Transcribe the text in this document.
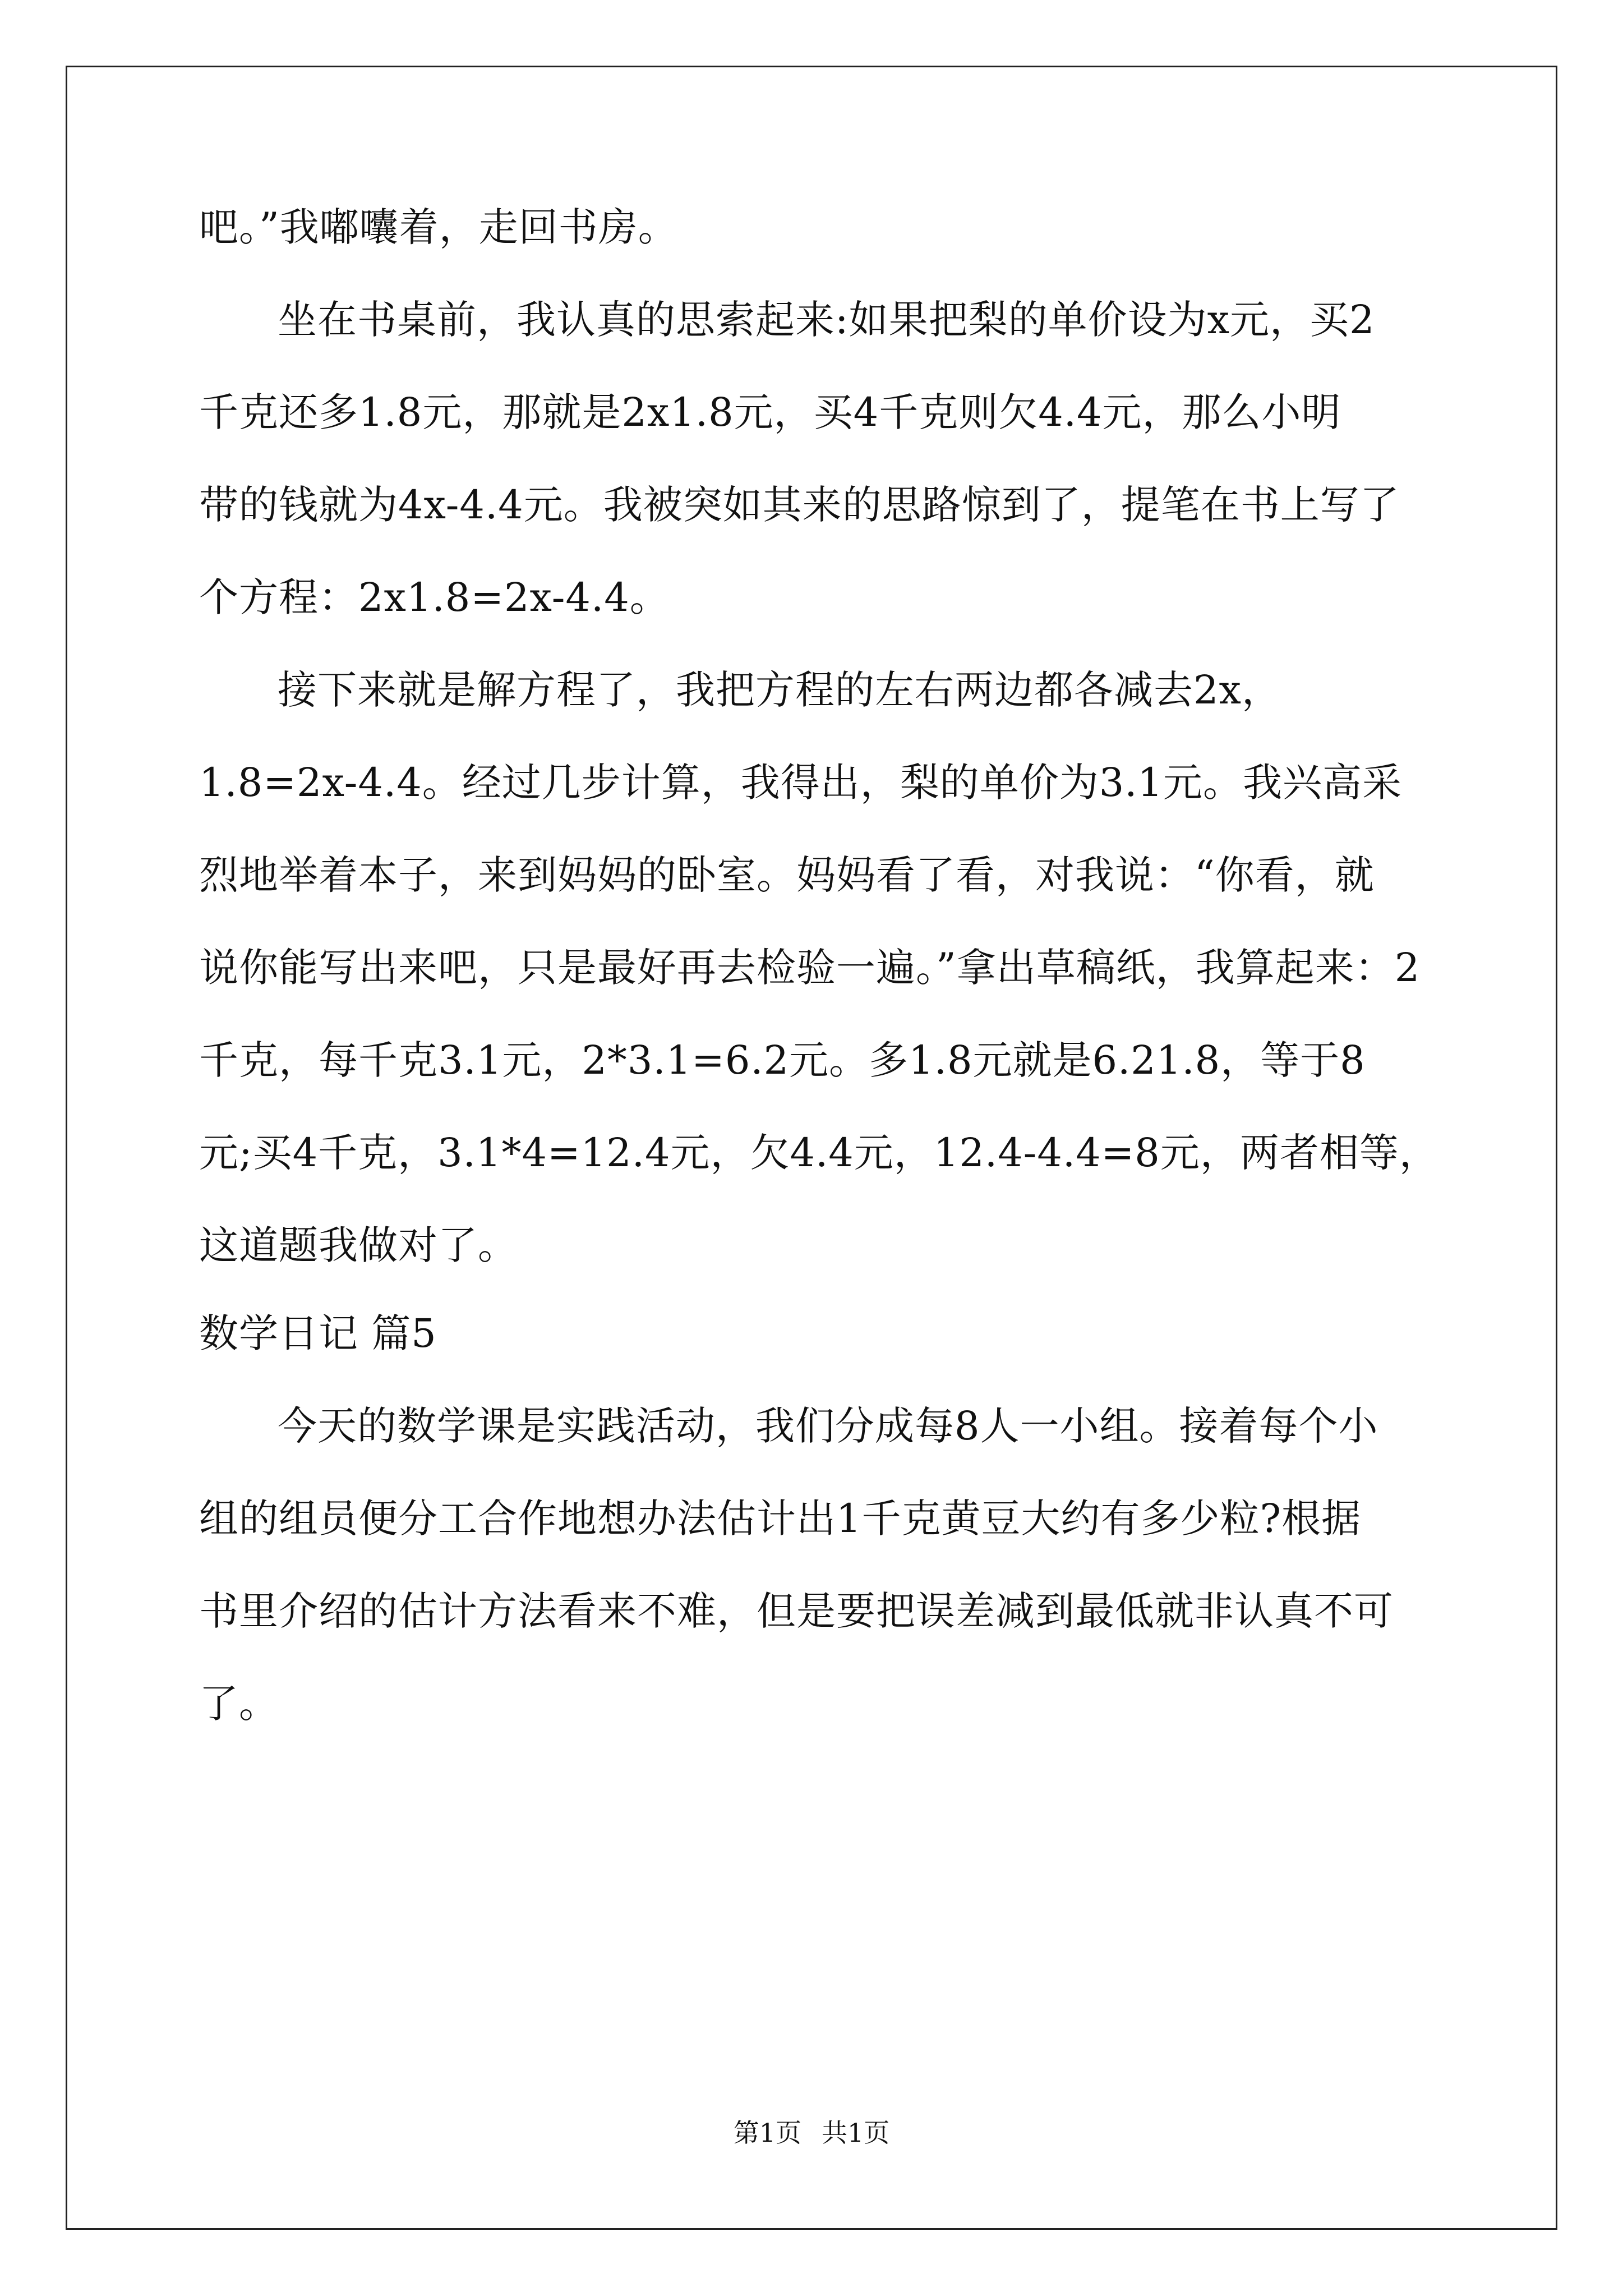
吧。”我嘟囔着，走回书房。
坐在书桌前，我认真的思索起来:如果把梨的单价设为x元，买2
千克还多1.8元，那就是2x1.8元，买4千克则欠4.4元，那么小明
带的钱就为4x-4.4元。我被突如其来的思路惊到了，提笔在书上写了
个方程：2x1.8=2x-4.4。
接下来就是解方程了，我把方程的左右两边都各减去2x，
1.8=2x-4.4。经过几步计算，我得出，梨的单价为3.1元。我兴高采
烈地举着本子，来到妈妈的卧室。妈妈看了看，对我说：“你看，就
说你能写出来吧，只是最好再去检验一遍。”拿出草稿纸，我算起来：2
千克，每千克3.1元，2*3.1=6.2元。多1.8元就是6.21.8，等于8
元;买4千克，3.1*4=12.4元，欠4.4元，12.4-4.4=8元，两者相等，
这道题我做对了。
数学日记 篇5
今天的数学课是实践活动，我们分成每8人一小组。接着每个小
组的组员便分工合作地想办法估计出1千克黄豆大约有多少粒?根据
书里介绍的估计方法看来不难，但是要把误差减到最低就非认真不可
了。
第1页 共1页
